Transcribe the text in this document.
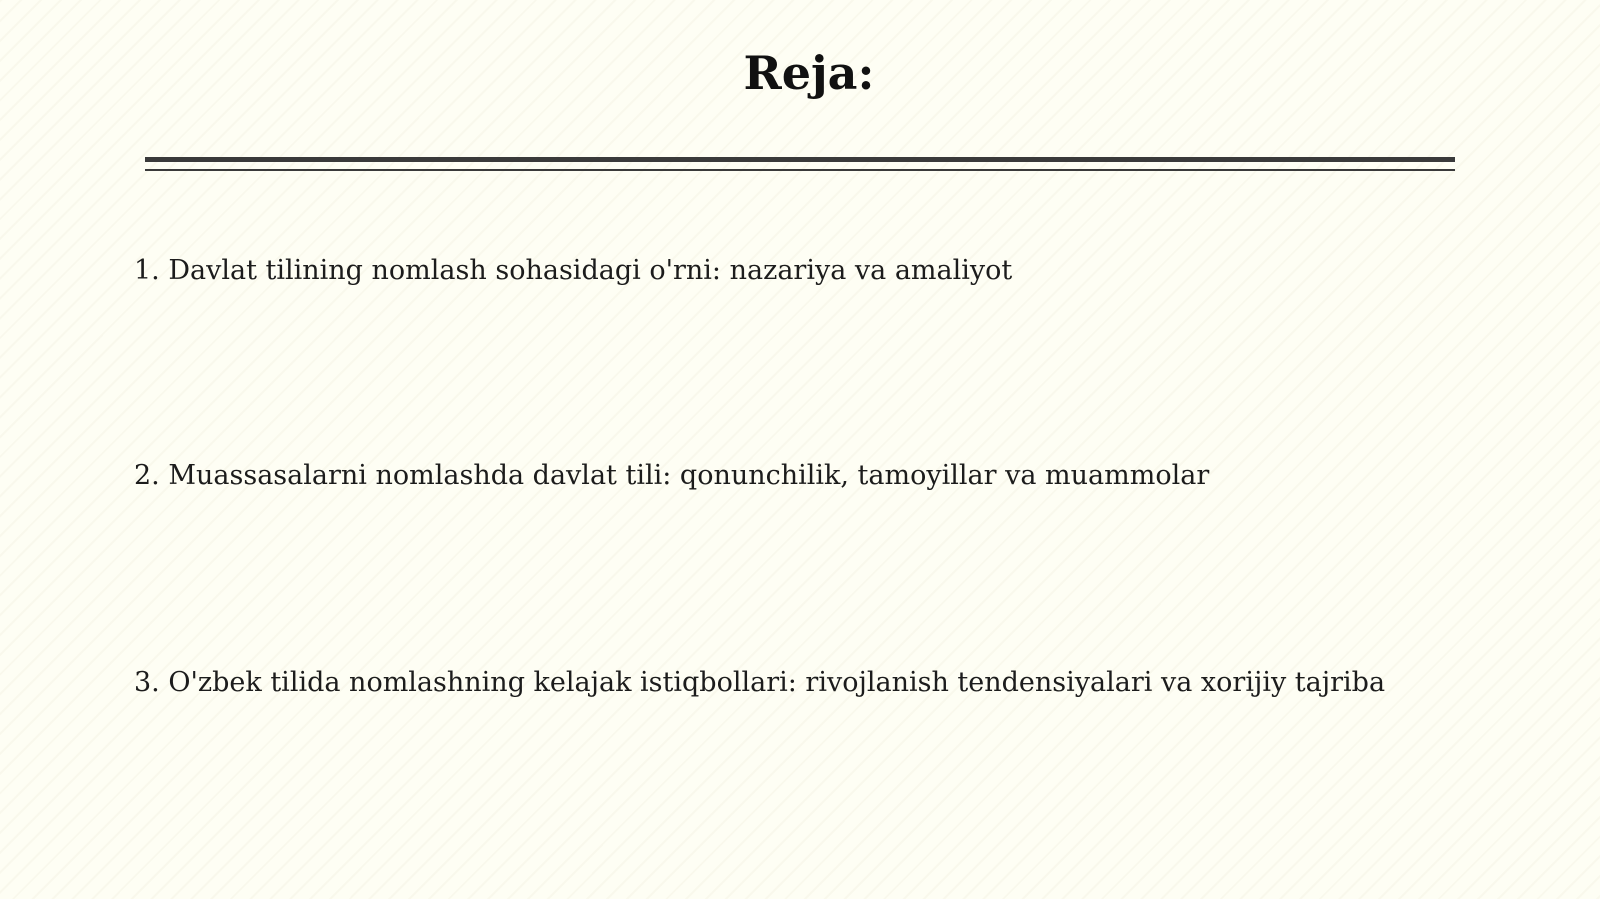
Reja:
1. Davlat tilining nomlash sohasidagi o'rni: nazariya va amaliyot
2. Muassasalarni nomlashda davlat tili: qonunchilik, tamoyillar va muammolar
3. O'zbek tilida nomlashning kelajak istiqbollari: rivojlanish tendensiyalari va xorijiy tajriba
